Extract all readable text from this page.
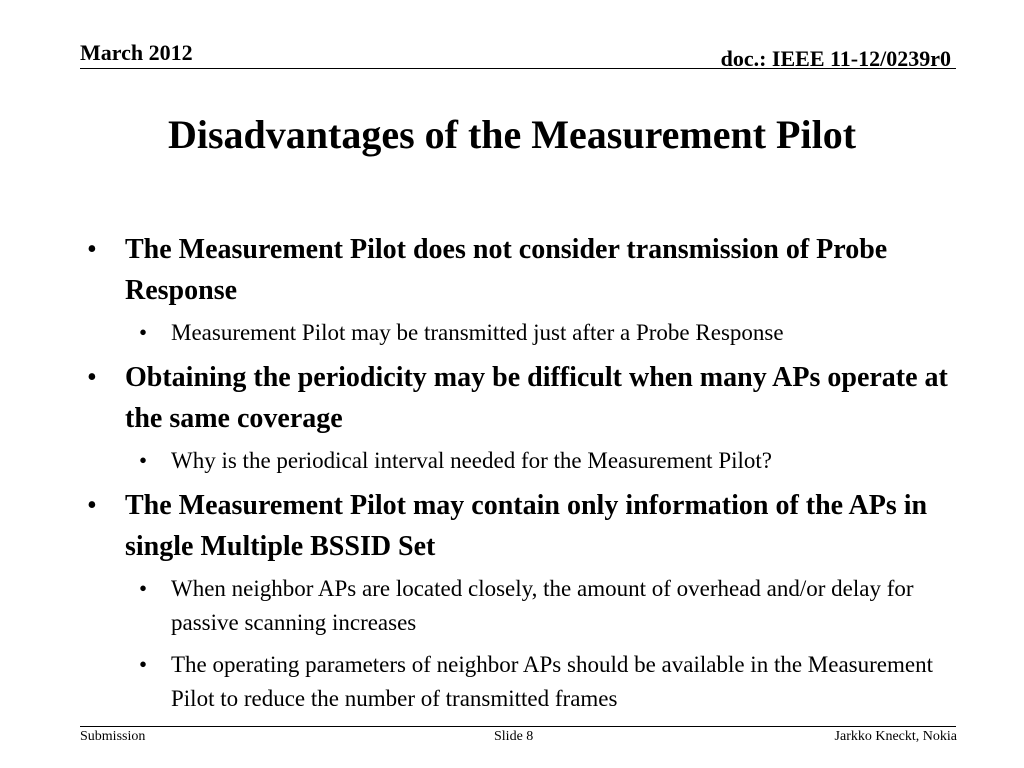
March 2012	doc.: IEEE 11-12/0239r0
Disadvantages of the Measurement Pilot
• The Measurement Pilot does not consider transmission of Probe Response
• Measurement Pilot may be transmitted just after a Probe Response
• Obtaining the periodicity may be difficult when many APs operate at the same coverage
• Why is the periodical interval needed for the Measurement Pilot?
• The Measurement Pilot may contain only information of the APs in single Multiple BSSID Set
• When neighbor APs are located closely, the amount of overhead and/or delay for passive scanning increases
• The operating parameters of neighbor APs should be available in the Measurement Pilot to reduce the number of transmitted frames
Submission	Slide 8	Jarkko Kneckt, Nokia
